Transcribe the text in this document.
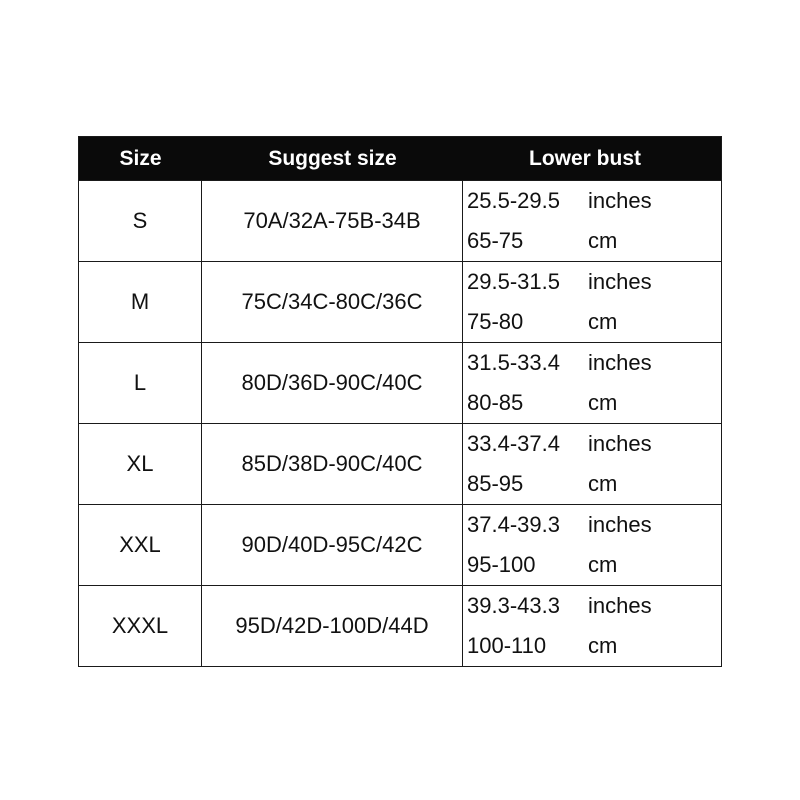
Size	Suggest size	Lower bust
S	70A/32A-75B-34B
25.5-29.5	inches
65-75	cm
M	75C/34C-80C/36C
29.5-31.5	inches
75-80	cm
L	80D/36D-90C/40C
31.5-33.4	inches
80-85	cm
XL	85D/38D-90C/40C
33.4-37.4	inches
85-95	cm
XXL	90D/40D-95C/42C
37.4-39.3	inches
95-100	cm
XXXL	95D/42D-100D/44D
39.3-43.3	inches
100-110	cm
